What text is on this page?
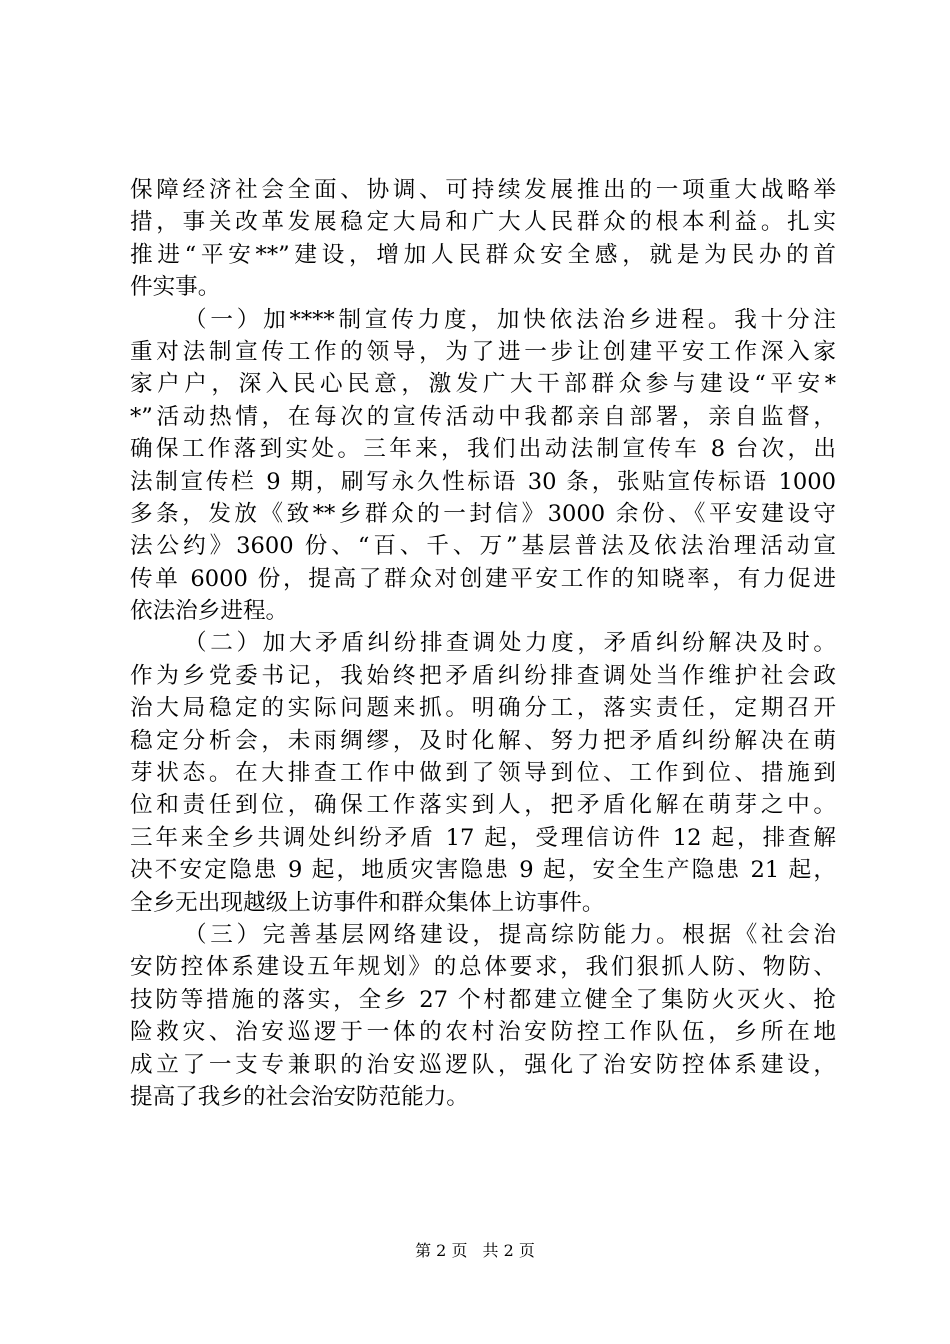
保障经济社会全面、协调、可持续发展推出的一项重大战略举
措，事关改革发展稳定大局和广大人民群众的根本利益。扎实
推进“平安**”建设，增加人民群众安全感，就是为民办的首
件实事。
（一）加****制宣传力度，加快依法治乡进程。我十分注
重对法制宣传工作的领导，为了进一步让创建平安工作深入家
家户户，深入民心民意，激发广大干部群众参与建设“平安*
*”活动热情，在每次的宣传活动中我都亲自部署，亲自监督，
确保工作落到实处。三年来，我们出动法制宣传车 8 台次，出
法制宣传栏 9 期，刷写永久性标语 30 条，张贴宣传标语 1000
多条，发放《致**乡群众的一封信》3000 余份、《平安建设守
法公约》3600 份、“百、千、万”基层普法及依法治理活动宣
传单 6000 份，提高了群众对创建平安工作的知晓率，有力促进
依法治乡进程。
（二）加大矛盾纠纷排查调处力度，矛盾纠纷解决及时。
作为乡党委书记，我始终把矛盾纠纷排查调处当作维护社会政
治大局稳定的实际问题来抓。明确分工，落实责任，定期召开
稳定分析会，未雨绸缪，及时化解、努力把矛盾纠纷解决在萌
芽状态。在大排查工作中做到了领导到位、工作到位、措施到
位和责任到位，确保工作落实到人，把矛盾化解在萌芽之中。
三年来全乡共调处纠纷矛盾 17 起，受理信访件 12 起，排查解
决不安定隐患 9 起，地质灾害隐患 9 起，安全生产隐患 21 起，
全乡无出现越级上访事件和群众集体上访事件。
（三）完善基层网络建设，提高综防能力。根据《社会治
安防控体系建设五年规划》的总体要求，我们狠抓人防、物防、
技防等措施的落实，全乡 27 个村都建立健全了集防火灭火、抢
险救灾、治安巡逻于一体的农村治安防控工作队伍，乡所在地
成立了一支专兼职的治安巡逻队，强化了治安防控体系建设，
提高了我乡的社会治安防范能力。
第 2 页 共 2 页
